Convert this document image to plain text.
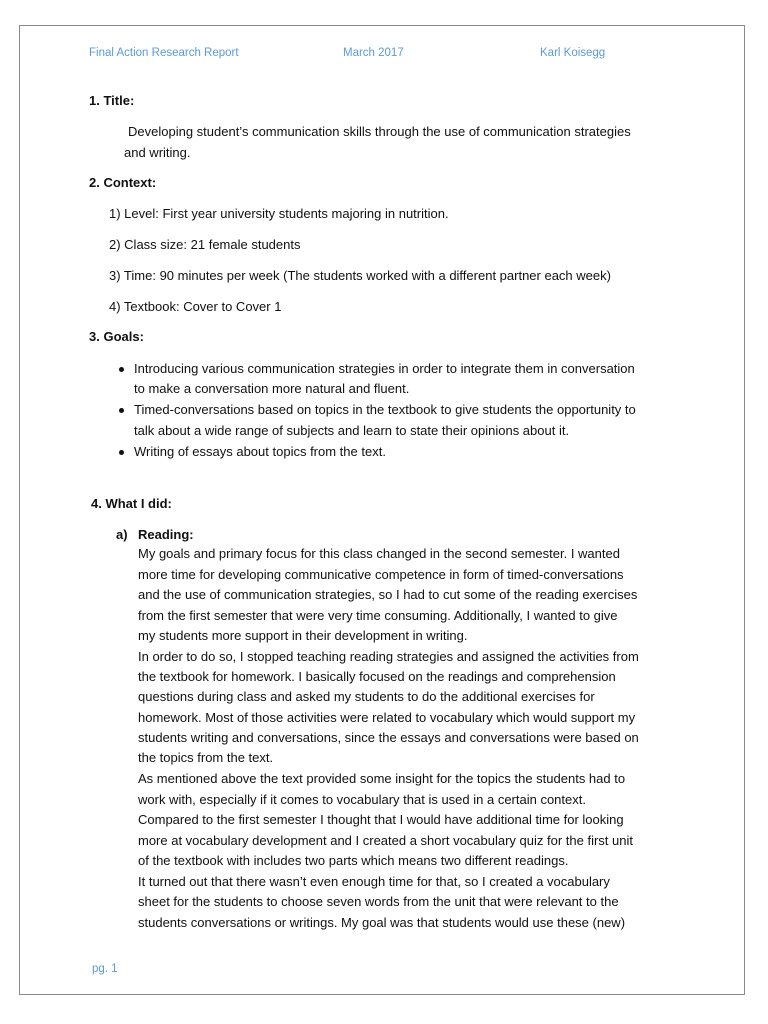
Final Action Research Report	March 2017	Karl Koisegg
1. Title:
Developing student’s communication skills through the use of communication strategies
and writing.
2. Context:
1) Level: First year university students majoring in nutrition.
2) Class size: 21 female students
3) Time: 90 minutes per week (The students worked with a different partner each week)
4) Textbook: Cover to Cover 1
3. Goals:
Introducing various communication strategies in order to integrate them in conversation
to make a conversation more natural and fluent.
Timed-conversations based on topics in the textbook to give students the opportunity to
talk about a wide range of subjects and learn to state their opinions about it.
Writing of essays about topics from the text.
4. What I did:
a) Reading:
My goals and primary focus for this class changed in the second semester. I wanted
more time for developing communicative competence in form of timed-conversations
and the use of communication strategies, so I had to cut some of the reading exercises
from the first semester that were very time consuming. Additionally, I wanted to give
my students more support in their development in writing.
In order to do so, I stopped teaching reading strategies and assigned the activities from
the textbook for homework. I basically focused on the readings and comprehension
questions during class and asked my students to do the additional exercises for
homework. Most of those activities were related to vocabulary which would support my
students writing and conversations, since the essays and conversations were based on
the topics from the text.
As mentioned above the text provided some insight for the topics the students had to
work with, especially if it comes to vocabulary that is used in a certain context.
Compared to the first semester I thought that I would have additional time for looking
more at vocabulary development and I created a short vocabulary quiz for the first unit
of the textbook with includes two parts which means two different readings.
It turned out that there wasn’t even enough time for that, so I created a vocabulary
sheet for the students to choose seven words from the unit that were relevant to the
students conversations or writings. My goal was that students would use these (new)
pg. 1
